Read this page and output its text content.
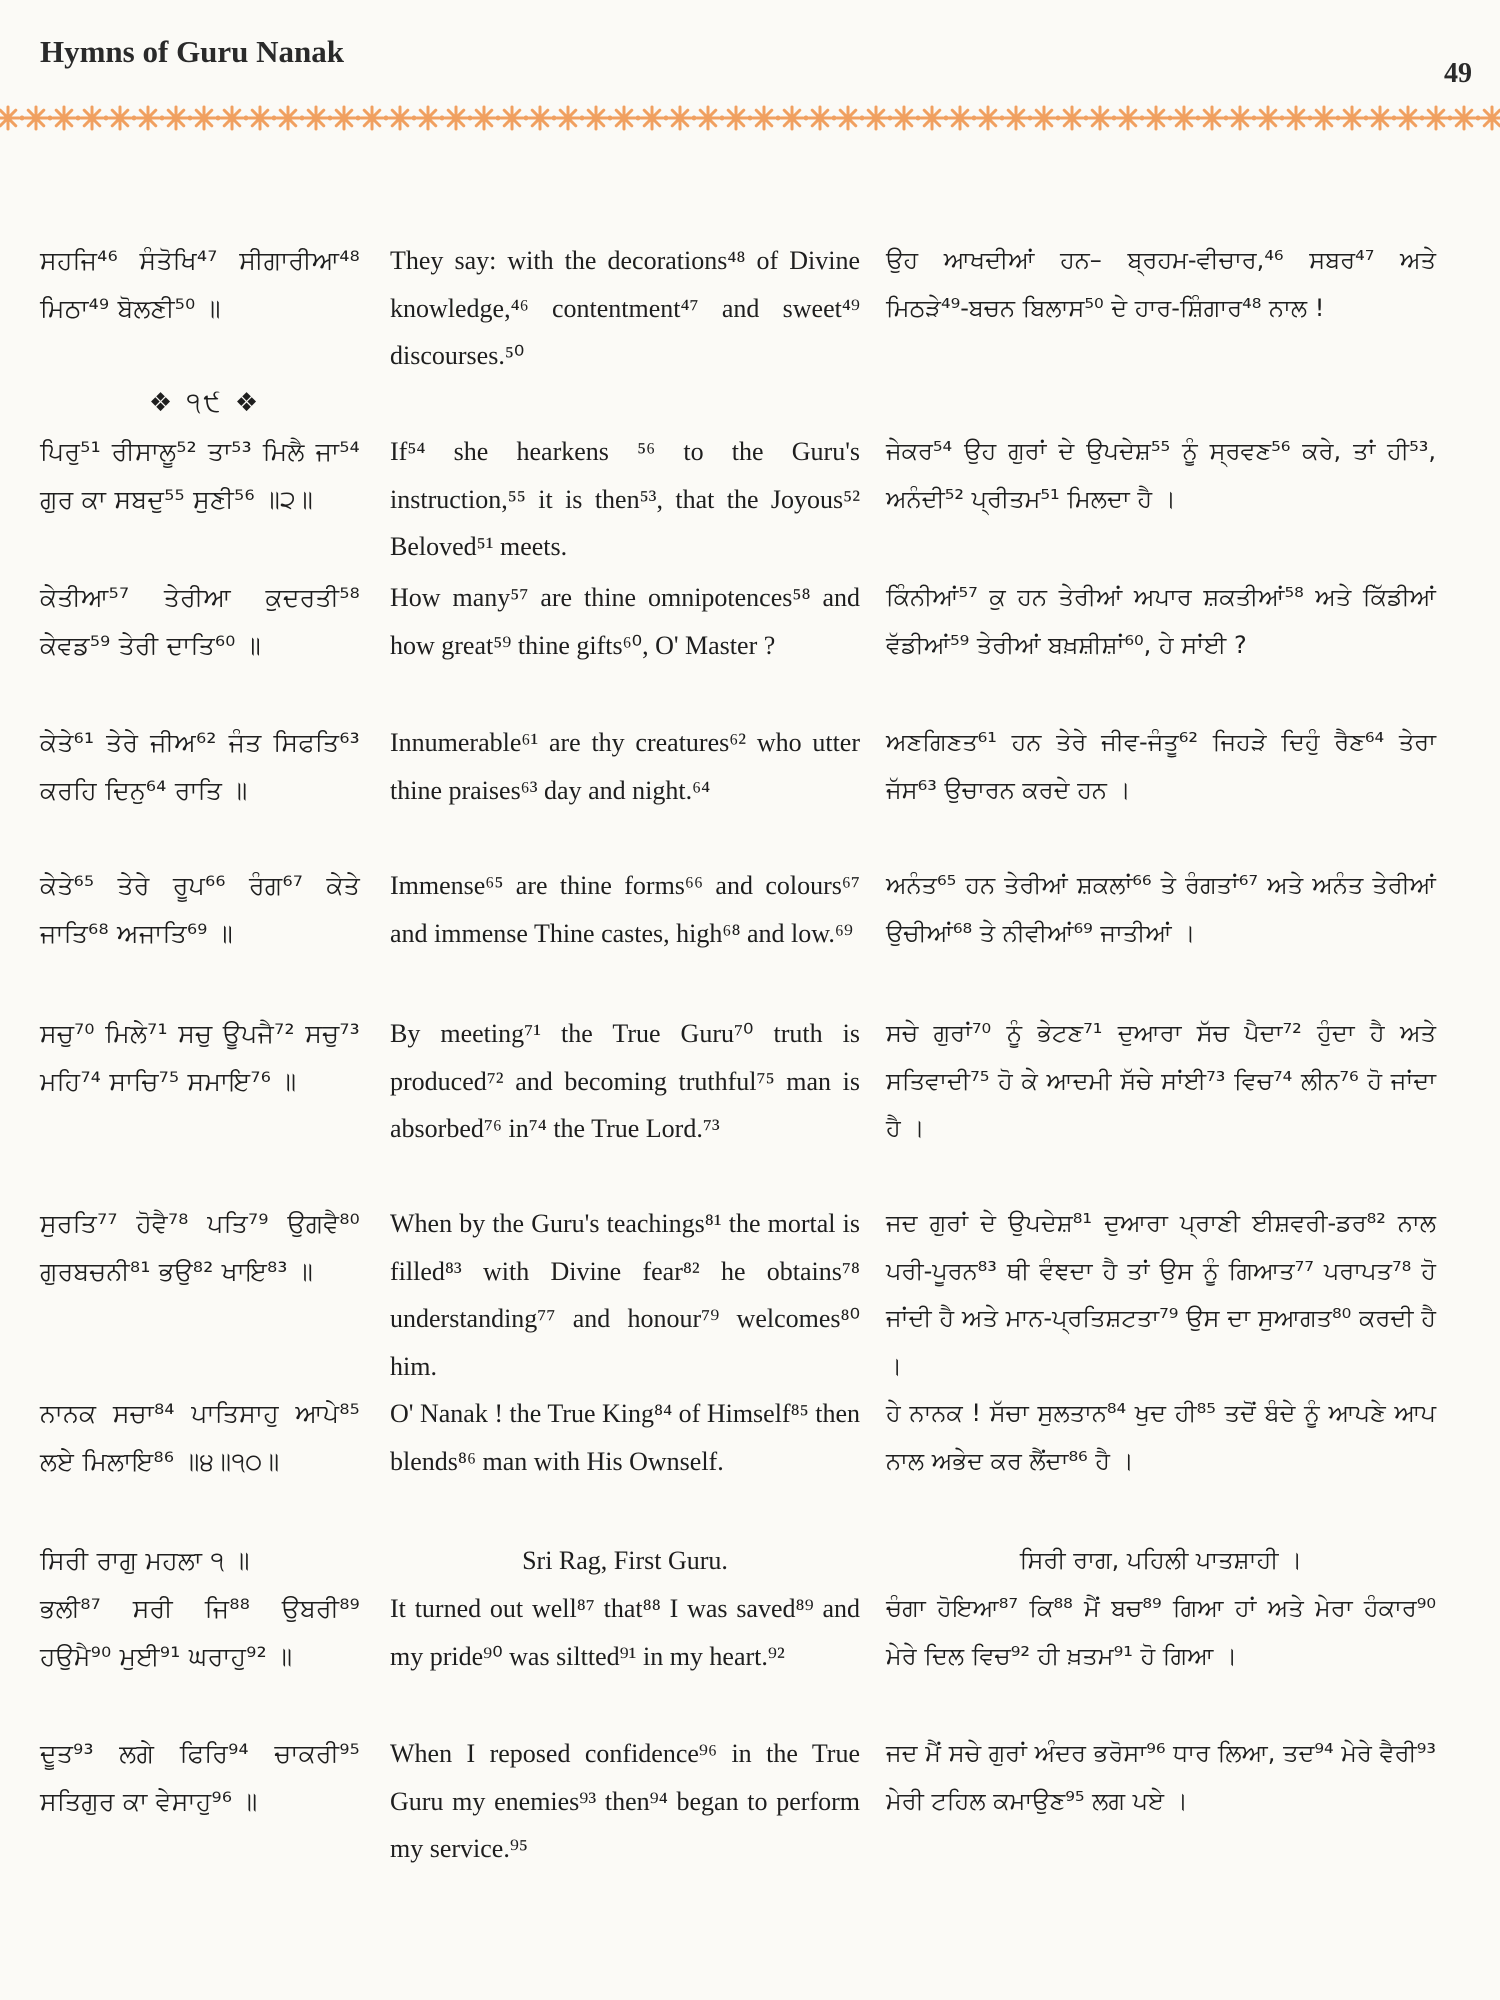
Hymns of Guru Nanak
49
❖ ੧੯ ❖
ਸਹਜਿ⁴⁶ ਸੰਤੋਖਿ⁴⁷ ਸੀਗਾਰੀਆ⁴⁸ ਮਿਠਾ⁴⁹ ਬੋਲਣੀ⁵⁰ ॥
They say: with the decorations⁴⁸ of Divine knowledge,⁴⁶ contentment⁴⁷ and sweet⁴⁹ discourses.⁵⁰
ਉਹ ਆਖਦੀਆਂ ਹਨ– ਬ੍ਰਹਮ-ਵੀਚਾਰ,⁴⁶ ਸਬਰ⁴⁷ ਅਤੇ ਮਿਠੜੇ⁴⁹-ਬਚਨ ਬਿਲਾਸ⁵⁰ ਦੇ ਹਾਰ-ਸ਼ਿੰਗਾਰ⁴⁸ ਨਾਲ !
ਪਿਰੁ⁵¹ ਰੀਸਾਲੂ⁵² ਤਾ⁵³ ਮਿਲੈ ਜਾ⁵⁴ ਗੁਰ ਕਾ ਸਬਦੁ⁵⁵ ਸੁਣੀ⁵⁶ ॥੨॥
If⁵⁴ she hearkens ⁵⁶ to the Guru's instruction,⁵⁵ it is then⁵³, that the Joyous⁵² Beloved⁵¹ meets.
ਜੇਕਰ⁵⁴ ਉਹ ਗੁਰਾਂ ਦੇ ਉਪਦੇਸ਼⁵⁵ ਨੂੰ ਸ੍ਰਵਣ⁵⁶ ਕਰੇ, ਤਾਂ ਹੀ⁵³, ਅਨੰਦੀ⁵² ਪ੍ਰੀਤਮ⁵¹ ਮਿਲਦਾ ਹੈ ।
ਕੇਤੀਆ⁵⁷ ਤੇਰੀਆ ਕੁਦਰਤੀ⁵⁸ ਕੇਵਡ⁵⁹ ਤੇਰੀ ਦਾਤਿ⁶⁰ ॥
How many⁵⁷ are thine omnipotences⁵⁸ and how great⁵⁹ thine gifts⁶⁰, O' Master ?
ਕਿੰਨੀਆਂ⁵⁷ ਕੁ ਹਨ ਤੇਰੀਆਂ ਅਪਾਰ ਸ਼ਕਤੀਆਂ⁵⁸ ਅਤੇ ਕਿੱਡੀਆਂ ਵੱਡੀਆਂ⁵⁹ ਤੇਰੀਆਂ ਬਖ਼ਸ਼ੀਸ਼ਾਂ⁶⁰, ਹੇ ਸਾਂਈ ?
ਕੇਤੇ⁶¹ ਤੇਰੇ ਜੀਅ⁶² ਜੰਤ ਸਿਫਤਿ⁶³ ਕਰਹਿ ਦਿਨੁ⁶⁴ ਰਾਤਿ ॥
Innumerable⁶¹ are thy creatures⁶² who utter thine praises⁶³ day and night.⁶⁴
ਅਣਗਿਣਤ⁶¹ ਹਨ ਤੇਰੇ ਜੀਵ-ਜੰਤੂ⁶² ਜਿਹੜੇ ਦਿਹੁੰ ਰੈਣ⁶⁴ ਤੇਰਾ ਜੱਸ⁶³ ਉਚਾਰਨ ਕਰਦੇ ਹਨ ।
ਕੇਤੇ⁶⁵ ਤੇਰੇ ਰੂਪ⁶⁶ ਰੰਗ⁶⁷ ਕੇਤੇ ਜਾਤਿ⁶⁸ ਅਜਾਤਿ⁶⁹ ॥
Immense⁶⁵ are thine forms⁶⁶ and colours⁶⁷ and immense Thine castes, high⁶⁸ and low.⁶⁹
ਅਨੰਤ⁶⁵ ਹਨ ਤੇਰੀਆਂ ਸ਼ਕਲਾਂ⁶⁶ ਤੇ ਰੰਗਤਾਂ⁶⁷ ਅਤੇ ਅਨੰਤ ਤੇਰੀਆਂ ਉਚੀਆਂ⁶⁸ ਤੇ ਨੀਵੀਆਂ⁶⁹ ਜਾਤੀਆਂ ।
ਸਚੁ⁷⁰ ਮਿਲੇ⁷¹ ਸਚੁ ਊਪਜੈ⁷² ਸਚੁ⁷³ ਮਹਿ⁷⁴ ਸਾਚਿ⁷⁵ ਸਮਾਇ⁷⁶ ॥
By meeting⁷¹ the True Guru⁷⁰ truth is produced⁷² and becoming truthful⁷⁵ man is absorbed⁷⁶ in⁷⁴ the True Lord.⁷³
ਸਚੇ ਗੁਰਾਂ⁷⁰ ਨੂੰ ਭੇਟਣ⁷¹ ਦੁਆਰਾ ਸੱਚ ਪੈਦਾ⁷² ਹੁੰਦਾ ਹੈ ਅਤੇ ਸਤਿਵਾਦੀ⁷⁵ ਹੋ ਕੇ ਆਦਮੀ ਸੱਚੇ ਸਾਂਈ⁷³ ਵਿਚ⁷⁴ ਲੀਨ⁷⁶ ਹੋ ਜਾਂਦਾ ਹੈ ।
ਸੁਰਤਿ⁷⁷ ਹੋਵੈ⁷⁸ ਪਤਿ⁷⁹ ਉਗਵੈ⁸⁰ ਗੁਰਬਚਨੀ⁸¹ ਭਉ⁸² ਖਾਇ⁸³ ॥
When by the Guru's teachings⁸¹ the mortal is filled⁸³ with Divine fear⁸² he obtains⁷⁸ understanding⁷⁷ and honour⁷⁹ welcomes⁸⁰ him.
ਜਦ ਗੁਰਾਂ ਦੇ ਉਪਦੇਸ਼⁸¹ ਦੁਆਰਾ ਪ੍ਰਾਣੀ ਈਸ਼ਵਰੀ-ਡਰ⁸² ਨਾਲ ਪਰੀ-ਪੂਰਨ⁸³ ਥੀ ਵੰਞਦਾ ਹੈ ਤਾਂ ਉਸ ਨੂੰ ਗਿਆਤ⁷⁷ ਪਰਾਪਤ⁷⁸ ਹੋ ਜਾਂਦੀ ਹੈ ਅਤੇ ਮਾਨ-ਪ੍ਰਤਿਸ਼ਟਤਾ⁷⁹ ਉਸ ਦਾ ਸੁਆਗਤ⁸⁰ ਕਰਦੀ ਹੈ ।
ਨਾਨਕ ਸਚਾ⁸⁴ ਪਾਤਿਸਾਹੁ ਆਪੇ⁸⁵ ਲਏ ਮਿਲਾਇ⁸⁶ ॥੪॥੧੦॥
O' Nanak ! the True King⁸⁴ of Himself⁸⁵ then blends⁸⁶ man with His Ownself.
ਹੇ ਨਾਨਕ ! ਸੱਚਾ ਸੁਲਤਾਨ⁸⁴ ਖੁਦ ਹੀ⁸⁵ ਤਦੋਂ ਬੰਦੇ ਨੂੰ ਆਪਣੇ ਆਪ ਨਾਲ ਅਭੇਦ ਕਰ ਲੈਂਦਾ⁸⁶ ਹੈ ।
ਸਿਰੀ ਰਾਗੁ ਮਹਲਾ ੧ ॥	Sri Rag, First Guru.	ਸਿਰੀ ਰਾਗ, ਪਹਿਲੀ ਪਾਤਸ਼ਾਹੀ ।
ਭਲੀ⁸⁷ ਸਰੀ ਜਿ⁸⁸ ਉਬਰੀ⁸⁹ ਹਉਮੈ⁹⁰ ਮੁਈ⁹¹ ਘਰਾਹੁ⁹² ॥
It turned out well⁸⁷ that⁸⁸ I was saved⁸⁹ and my pride⁹⁰ was siltted⁹¹ in my heart.⁹²
ਚੰਗਾ ਹੋਇਆ⁸⁷ ਕਿ⁸⁸ ਮੈਂ ਬਚ⁸⁹ ਗਿਆ ਹਾਂ ਅਤੇ ਮੇਰਾ ਹੰਕਾਰ⁹⁰ ਮੇਰੇ ਦਿਲ ਵਿਚ⁹² ਹੀ ਖ਼ਤਮ⁹¹ ਹੋ ਗਿਆ ।
ਦੂਤ⁹³ ਲਗੇ ਫਿਰਿ⁹⁴ ਚਾਕਰੀ⁹⁵ ਸਤਿਗੁਰ ਕਾ ਵੇਸਾਹੁ⁹⁶ ॥
When I reposed confidence⁹⁶ in the True Guru my enemies⁹³ then⁹⁴ began to perform my service.⁹⁵
ਜਦ ਮੈਂ ਸਚੇ ਗੁਰਾਂ ਅੰਦਰ ਭਰੋਸਾ⁹⁶ ਧਾਰ ਲਿਆ, ਤਦ⁹⁴ ਮੇਰੇ ਵੈਰੀ⁹³ ਮੇਰੀ ਟਹਿਲ ਕਮਾਉਣ⁹⁵ ਲਗ ਪਏ ।
